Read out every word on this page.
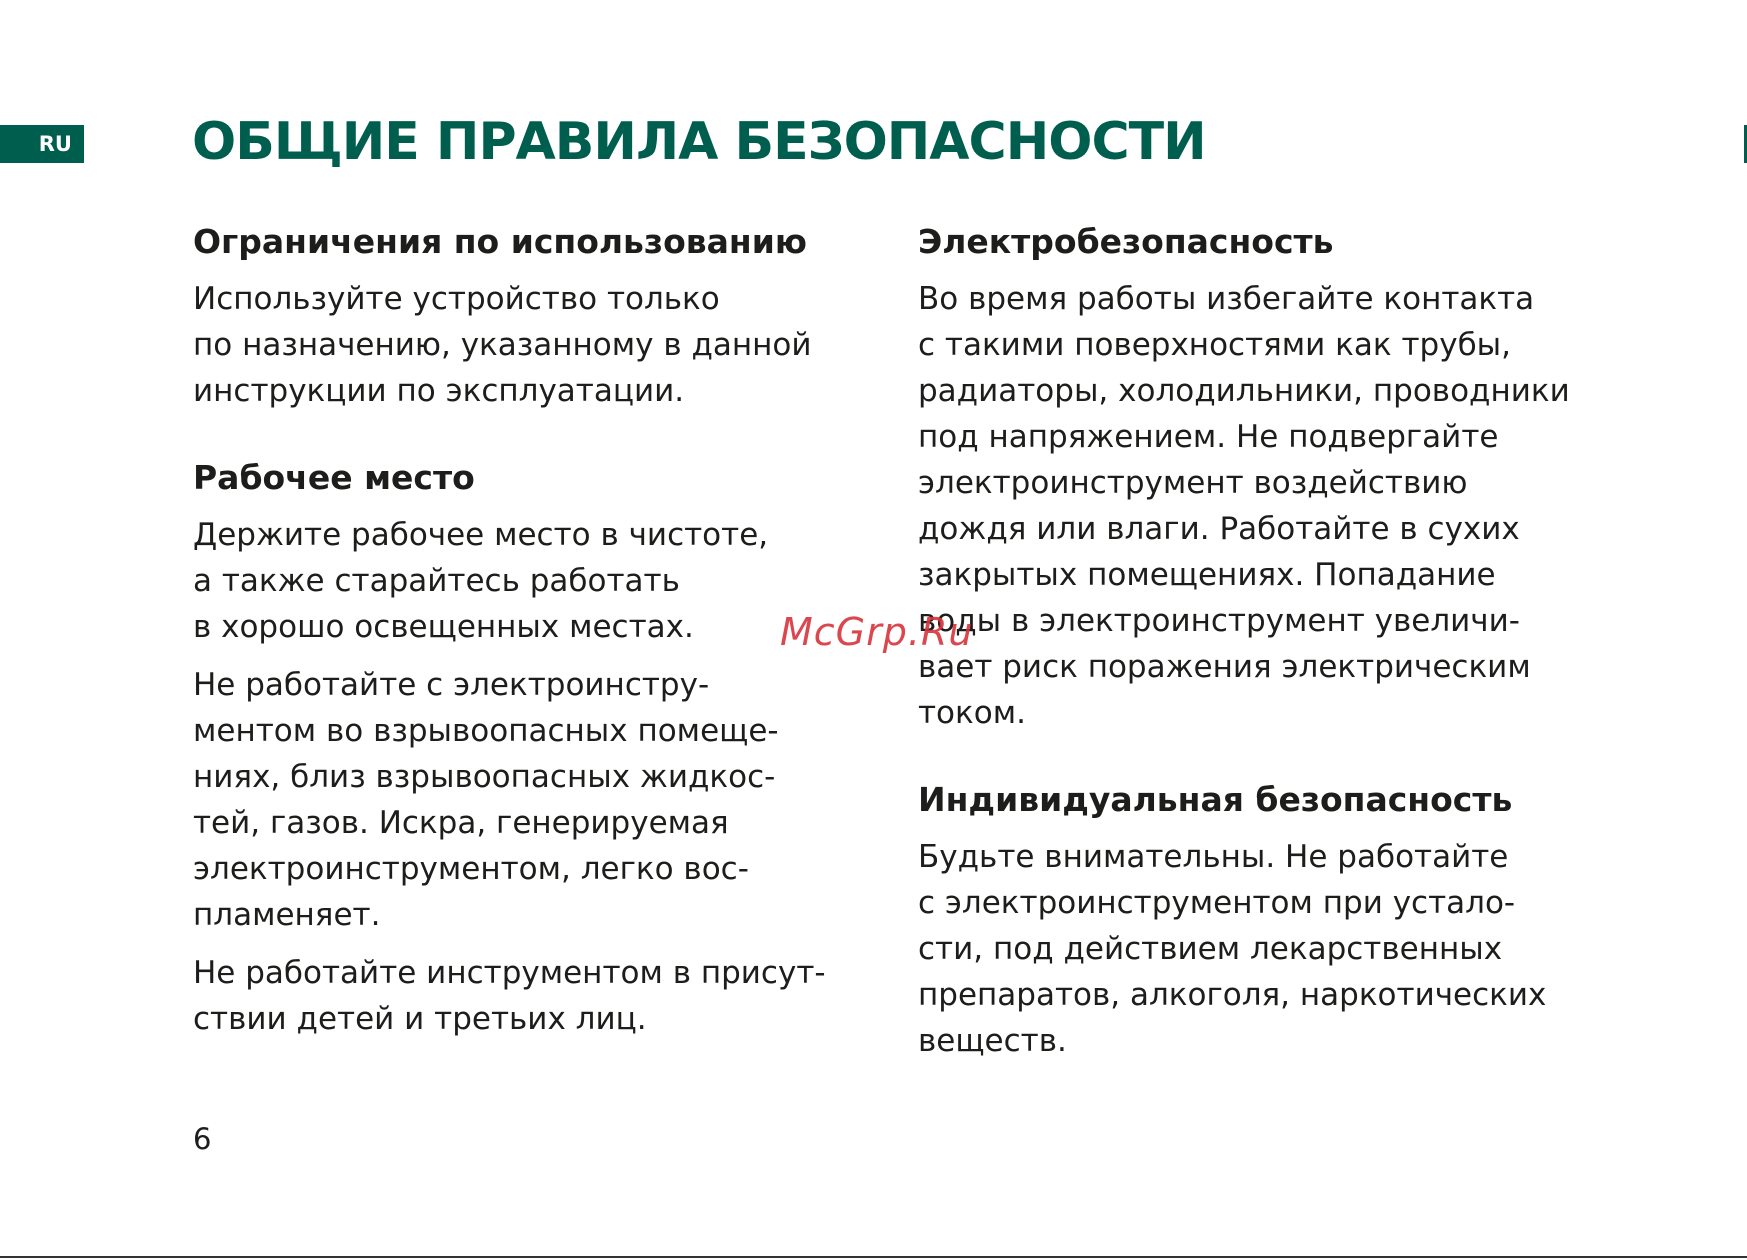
RU ОБЩИЕ ПРАВИЛА БЕЗОПАСНОСТИ
Ограничения по использованию

Используйте устройство только
по назначению, указанному в данной
инструкции по эксплуатации.

Рабочее место

Держите рабочее место в чистоте,
а также старайтесь работать
в хорошо освещенных местах.

Не работайте с электроинстру-
ментом во взрывоопасных помеще-
ниях, близ взрывоопасных жидкос-
тей, газов. Искра, генерируемая
электроинструментом, легко вос-
пламеняет.

Не работайте инструментом в присут-
ствии детей и третьих лиц.

Электробезопасность

Во время работы избегайте контакта
с такими поверхностями как трубы,
радиаторы, холодильники, проводники
под напряжением. Не подвергайте
электроинструмент воздействию
дождя или влаги. Работайте в сухих
закрытых помещениях. Попадание
воды в электроинструмент увеличи-
вает риск поражения электрическим
током.

Индивидуальная безопасность

Будьте внимательны. Не работайте
с электроинструментом при устало-
сти, под действием лекарственных
препаратов, алкоголя, наркотических
веществ.

McGrp.Ru
6
